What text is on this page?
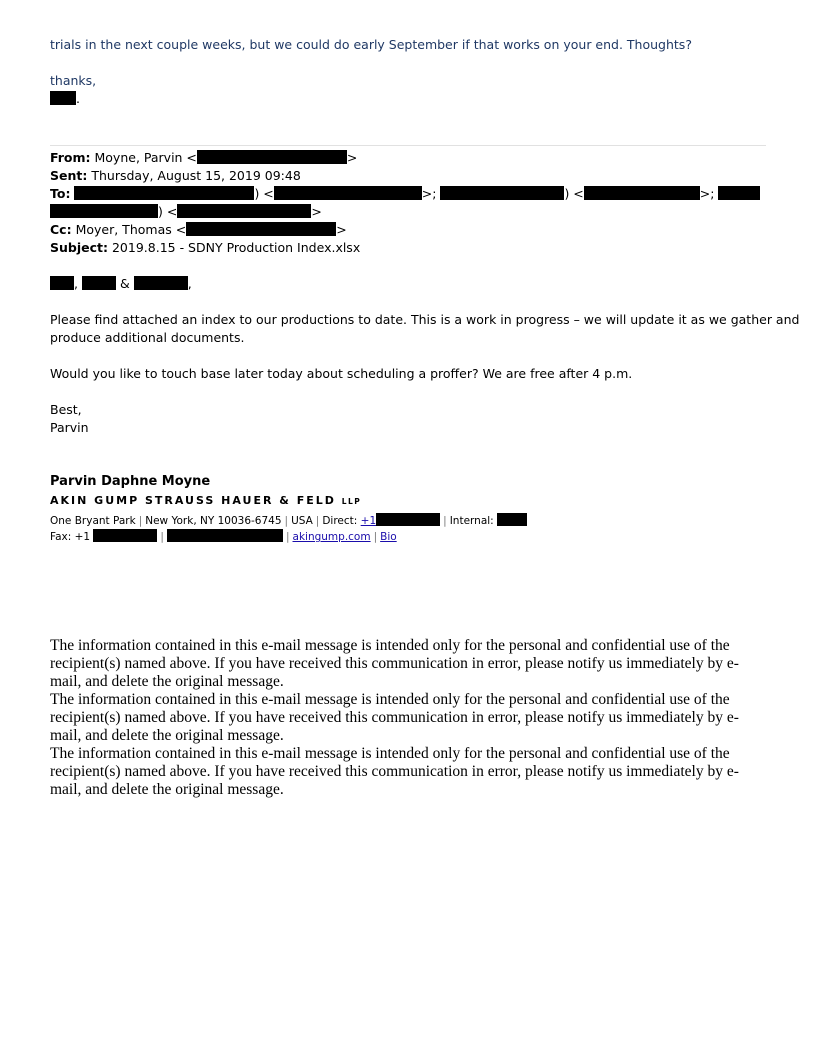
trials in the next couple weeks, but we could do early September if that works on your end. Thoughts?
thanks,
.
From: Moyne, Parvin <	>
Sent: Thursday, August 15, 2019 09:48
To:	) <	>;	) <	>;
) <	>
Cc: Moyer, Thomas <	>
Subject: 2019.8.15 - SDNY Production Index.xlsx
,	&	,
Please find attached an index to our productions to date. This is a work in progress – we will update it as we gather and
produce additional documents.
Would you like to touch base later today about scheduling a proffer? We are free after 4 p.m.
Best,
Parvin
Parvin Daphne Moyne
AKIN GUMP STRAUSS HAUER & FELD LLP
One Bryant Park | New York, NY 10036-6745 | USA | Direct: +1	| Internal:
Fax: +1	|	| akingump.com | Bio

The information contained in this e-mail message is intended only for the personal and confidential use of the recipient(s) named above. If you have received this communication in error, please notify us immediately by e-mail, and delete the original message.

The information contained in this e-mail message is intended only for the personal and confidential use of the recipient(s) named above. If you have received this communication in error, please notify us immediately by e-mail, and delete the original message.

The information contained in this e-mail message is intended only for the personal and confidential use of the recipient(s) named above. If you have received this communication in error, please notify us immediately by e-mail, and delete the original message.
